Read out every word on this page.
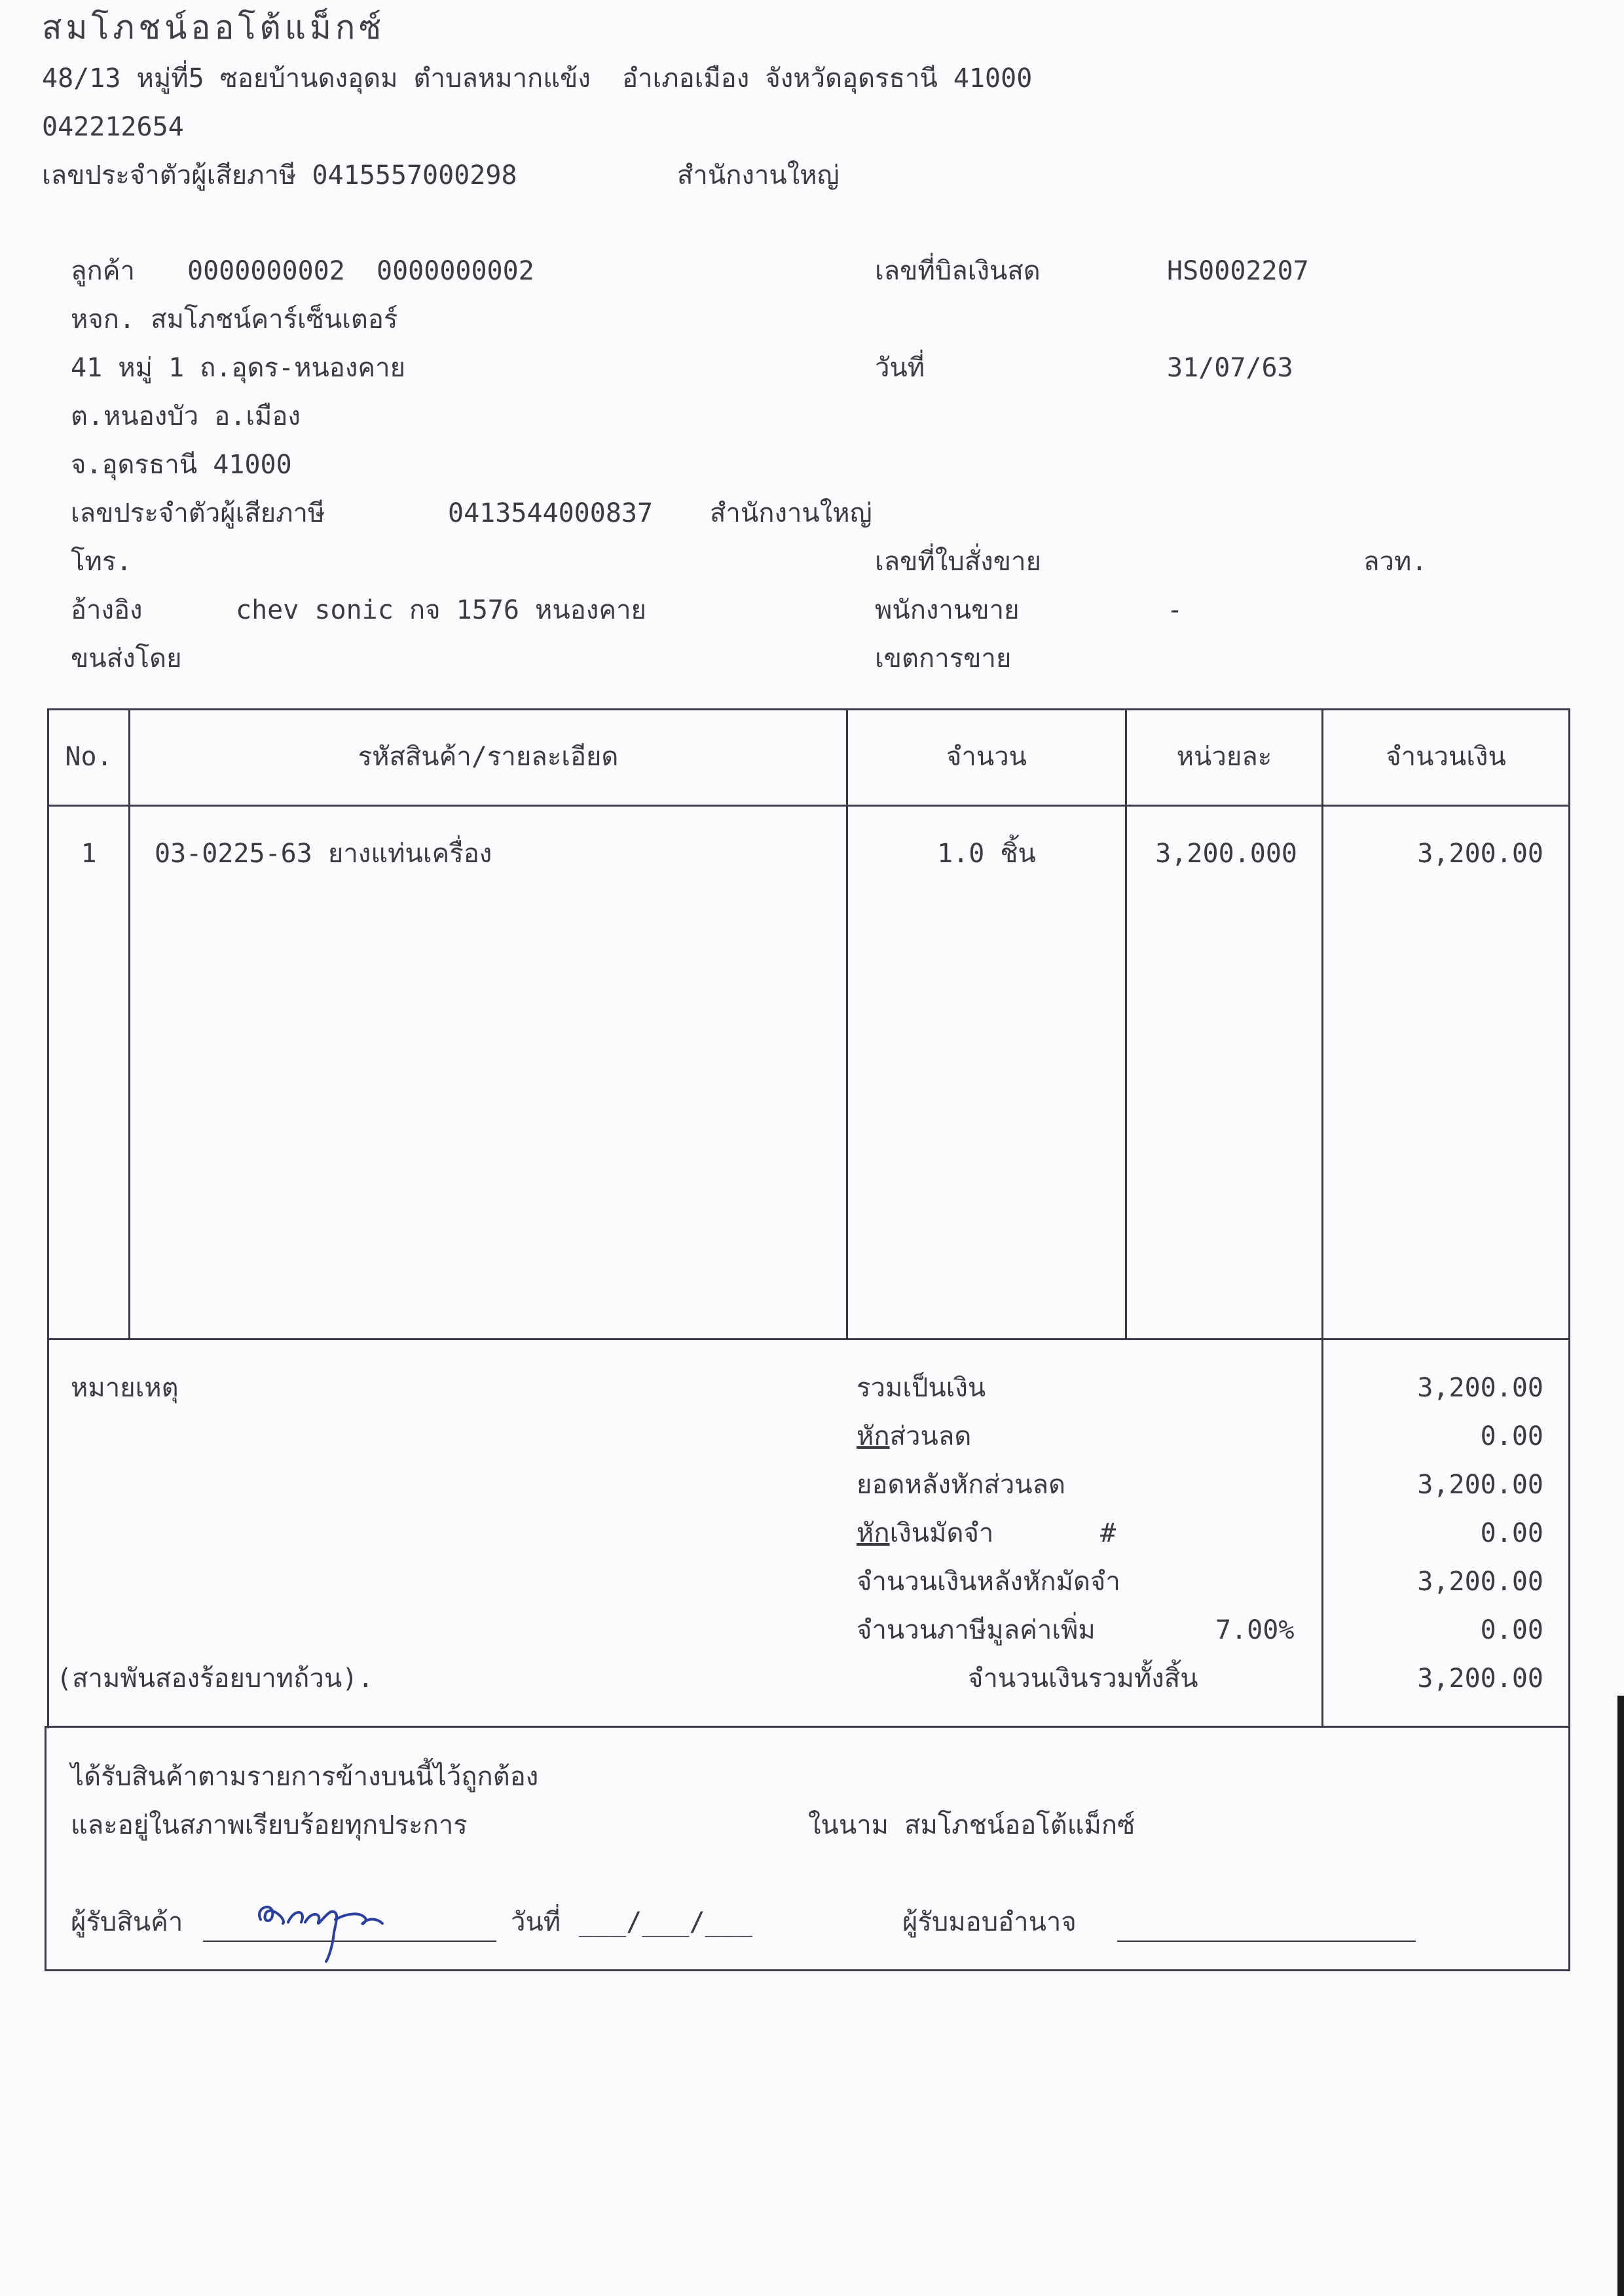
สมโภชน์ออโต้แม็กซ์
48/13 หมู่ที่5 ซอยบ้านดงอุดม ตำบลหมากแข้ง  อำเภอเมือง จังหวัดอุดรธานี 41000
042212654
เลขประจำตัวผู้เสียภาษี 0415557000298	สำนักงานใหญ่
ลูกค้า 0000000002  0000000002
หจก. สมโภชน์คาร์เซ็นเตอร์
41 หมู่ 1 ถ.อุดร-หนองคาย
ต.หนองบัว อ.เมือง
จ.อุดรธานี 41000
เลขประจำตัวผู้เสียภาษี	0413544000837 สำนักงานใหญ่
โทร.
อ้างอิง	chev sonic กจ 1576 หนองคาย
ขนส่งโดย
เลขที่บิลเงินสด	HS0002207
วันที่	31/07/63
เลขที่ใบสั่งขาย	ลวท.
พนักงานขาย	-
เขตการขาย
No.	รหัสสินค้า/รายละเอียด	จำนวน	หน่วยละ	จำนวนเงิน
1	03-0225-63 ยางแท่นเครื่อง	1.0 ชิ้น	3,200.000	3,200.00
หมายเหตุ
(สามพันสองร้อยบาทถ้วน).
รวมเป็นเงิน	3,200.00
หักส่วนลด	0.00
ยอดหลังหักส่วนลด	3,200.00
หักเงินมัดจำ	#	0.00
จำนวนเงินหลังหักมัดจำ	3,200.00
จำนวนภาษีมูลค่าเพิ่ม	7.00%	0.00
จำนวนเงินรวมทั้งสิ้น	3,200.00
ได้รับสินค้าตามรายการข้างบนนี้ไว้ถูกต้อง
และอยู่ในสภาพเรียบร้อยทุกประการ	ในนาม สมโภชน์ออโต้แม็กซ์
ผู้รับสินค้า	วันที่ ___/___/___	ผู้รับมอบอำนาจ
